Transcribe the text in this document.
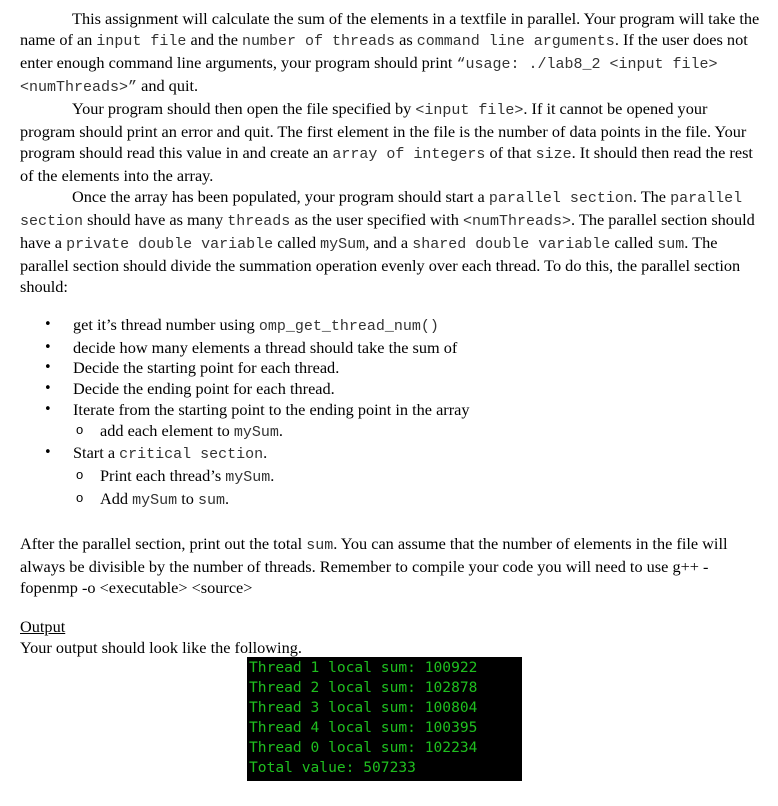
This assignment will calculate the sum of the elements in a textfile in parallel. Your program will take the name of an input file and the number of threads as command line arguments. If the user does not enter enough command line arguments, your program should print “usage: ./lab8_2 <input file> <numThreads>” and quit.

Your program should then open the file specified by <input file>. If it cannot be opened your program should print an error and quit. The first element in the file is the number of data points in the file. Your program should read this value in and create an array of integers of that size. It should then read the rest of the elements into the array.

Once the array has been populated, your program should start a parallel section. The parallel section should have as many threads as the user specified with <numThreads>. The parallel section should have a private double variable called mySum, and a shared double variable called sum. The parallel section should divide the summation operation evenly over each thread. To do this, the parallel section should:

• get it’s thread number using omp_get_thread_num()
• decide how many elements a thread should take the sum of
• Decide the starting point for each thread.
• Decide the ending point for each thread.
• Iterate from the starting point to the ending point in the array
o add each element to mySum.
• Start a critical section.
o Print each thread’s mySum.
o Add mySum to sum.

After the parallel section, print out the total sum. You can assume that the number of elements in the file will always be divisible by the number of threads. Remember to compile your code you will need to use g++ -fopenmp -o <executable> <source>

Output

Your output should look like the following.

Thread 1 local sum: 100922
Thread 2 local sum: 102878
Thread 3 local sum: 100804
Thread 4 local sum: 100395
Thread 0 local sum: 102234
Total value: 507233
